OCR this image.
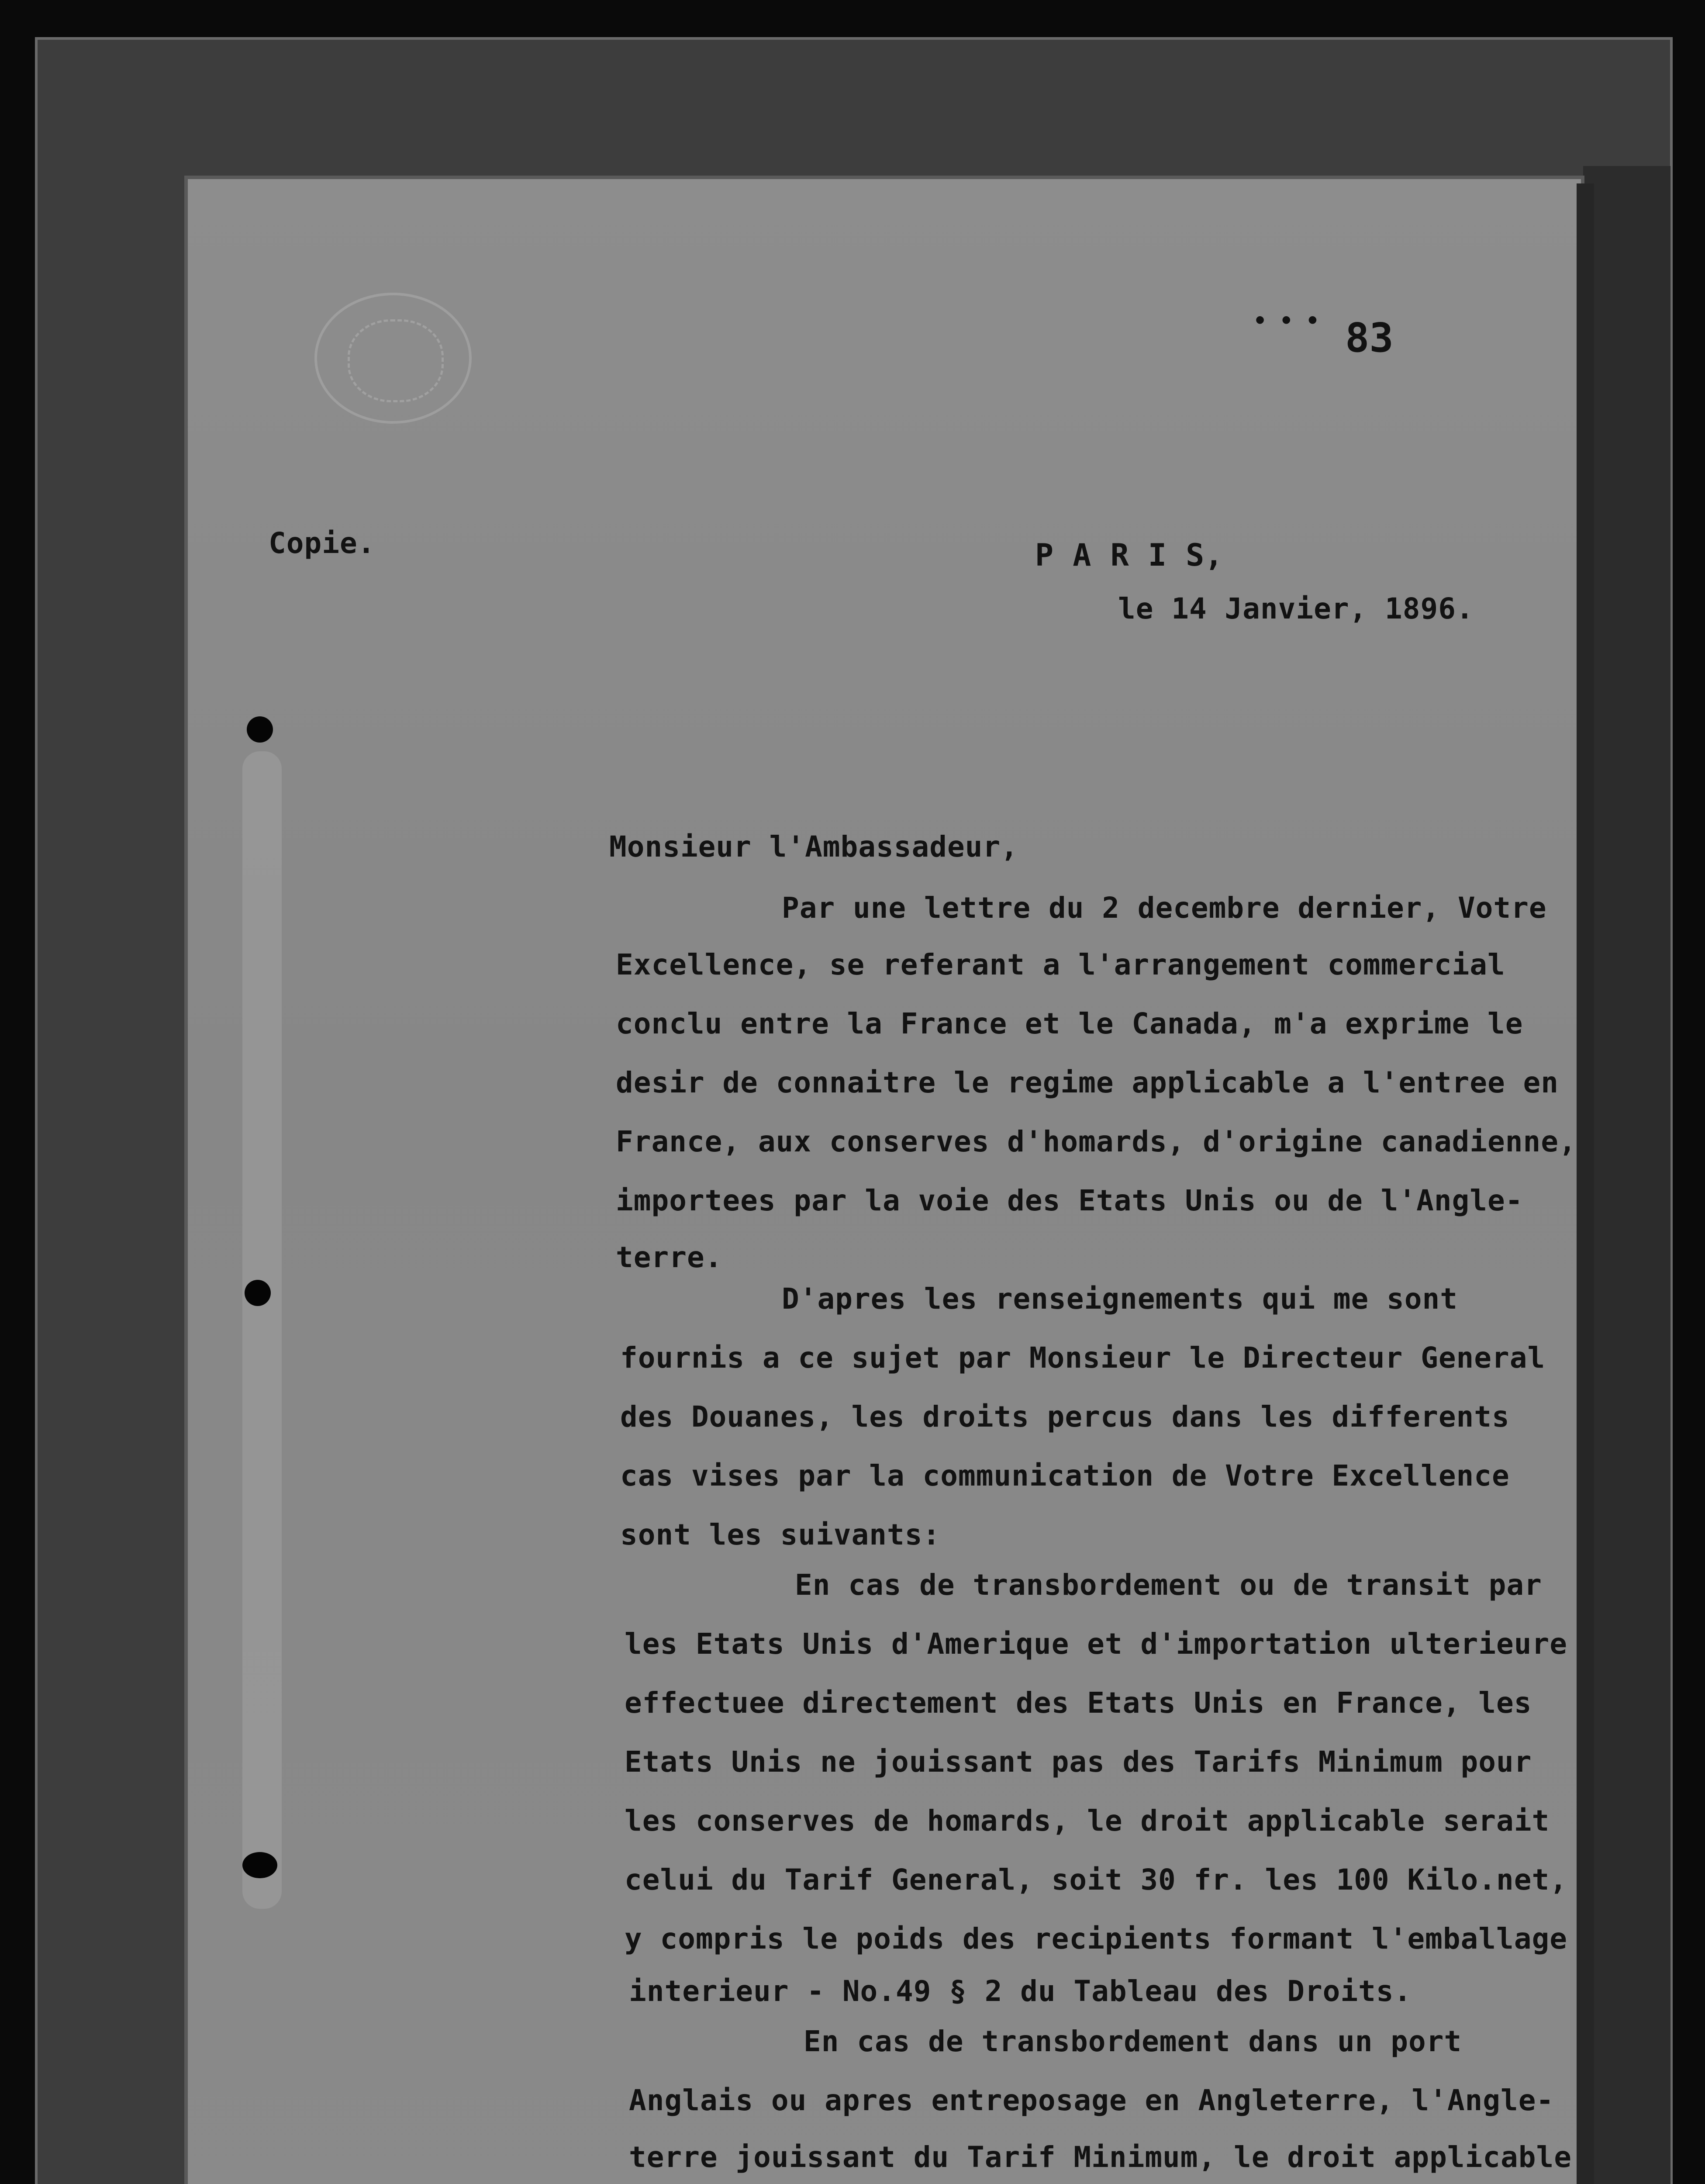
• • • 83
Copie.	P A R I S,
le 14 Janvier, 1896.
Monsieur l'Ambassadeur,
Par une lettre du 2 decembre dernier, Votre
Excellence, se referant a l'arrangement commercial
conclu entre la France et le Canada, m'a exprime le
desir de connaitre le regime applicable a l'entree en
France, aux conserves d'homards, d'origine canadienne,
importees par la voie des Etats Unis ou de l'Angle-
terre.
D'apres les renseignements qui me sont
fournis a ce sujet par Monsieur le Directeur General
des Douanes, les droits percus dans les differents
cas vises par la communication de Votre Excellence
sont les suivants:
En cas de transbordement ou de transit par
les Etats Unis d'Amerique et d'importation ulterieure
effectuee directement des Etats Unis en France, les
Etats Unis ne jouissant pas des Tarifs Minimum pour
les conserves de homards, le droit applicable serait
celui du Tarif General, soit 30 fr. les 100 Kilo.net,
y compris le poids des recipients formant l'emballage
interieur - No.49 § 2 du Tableau des Droits.
En cas de transbordement dans un port
Anglais ou apres entreposage en Angleterre, l'Angle-
terre jouissant du Tarif Minimum, le droit applicable
